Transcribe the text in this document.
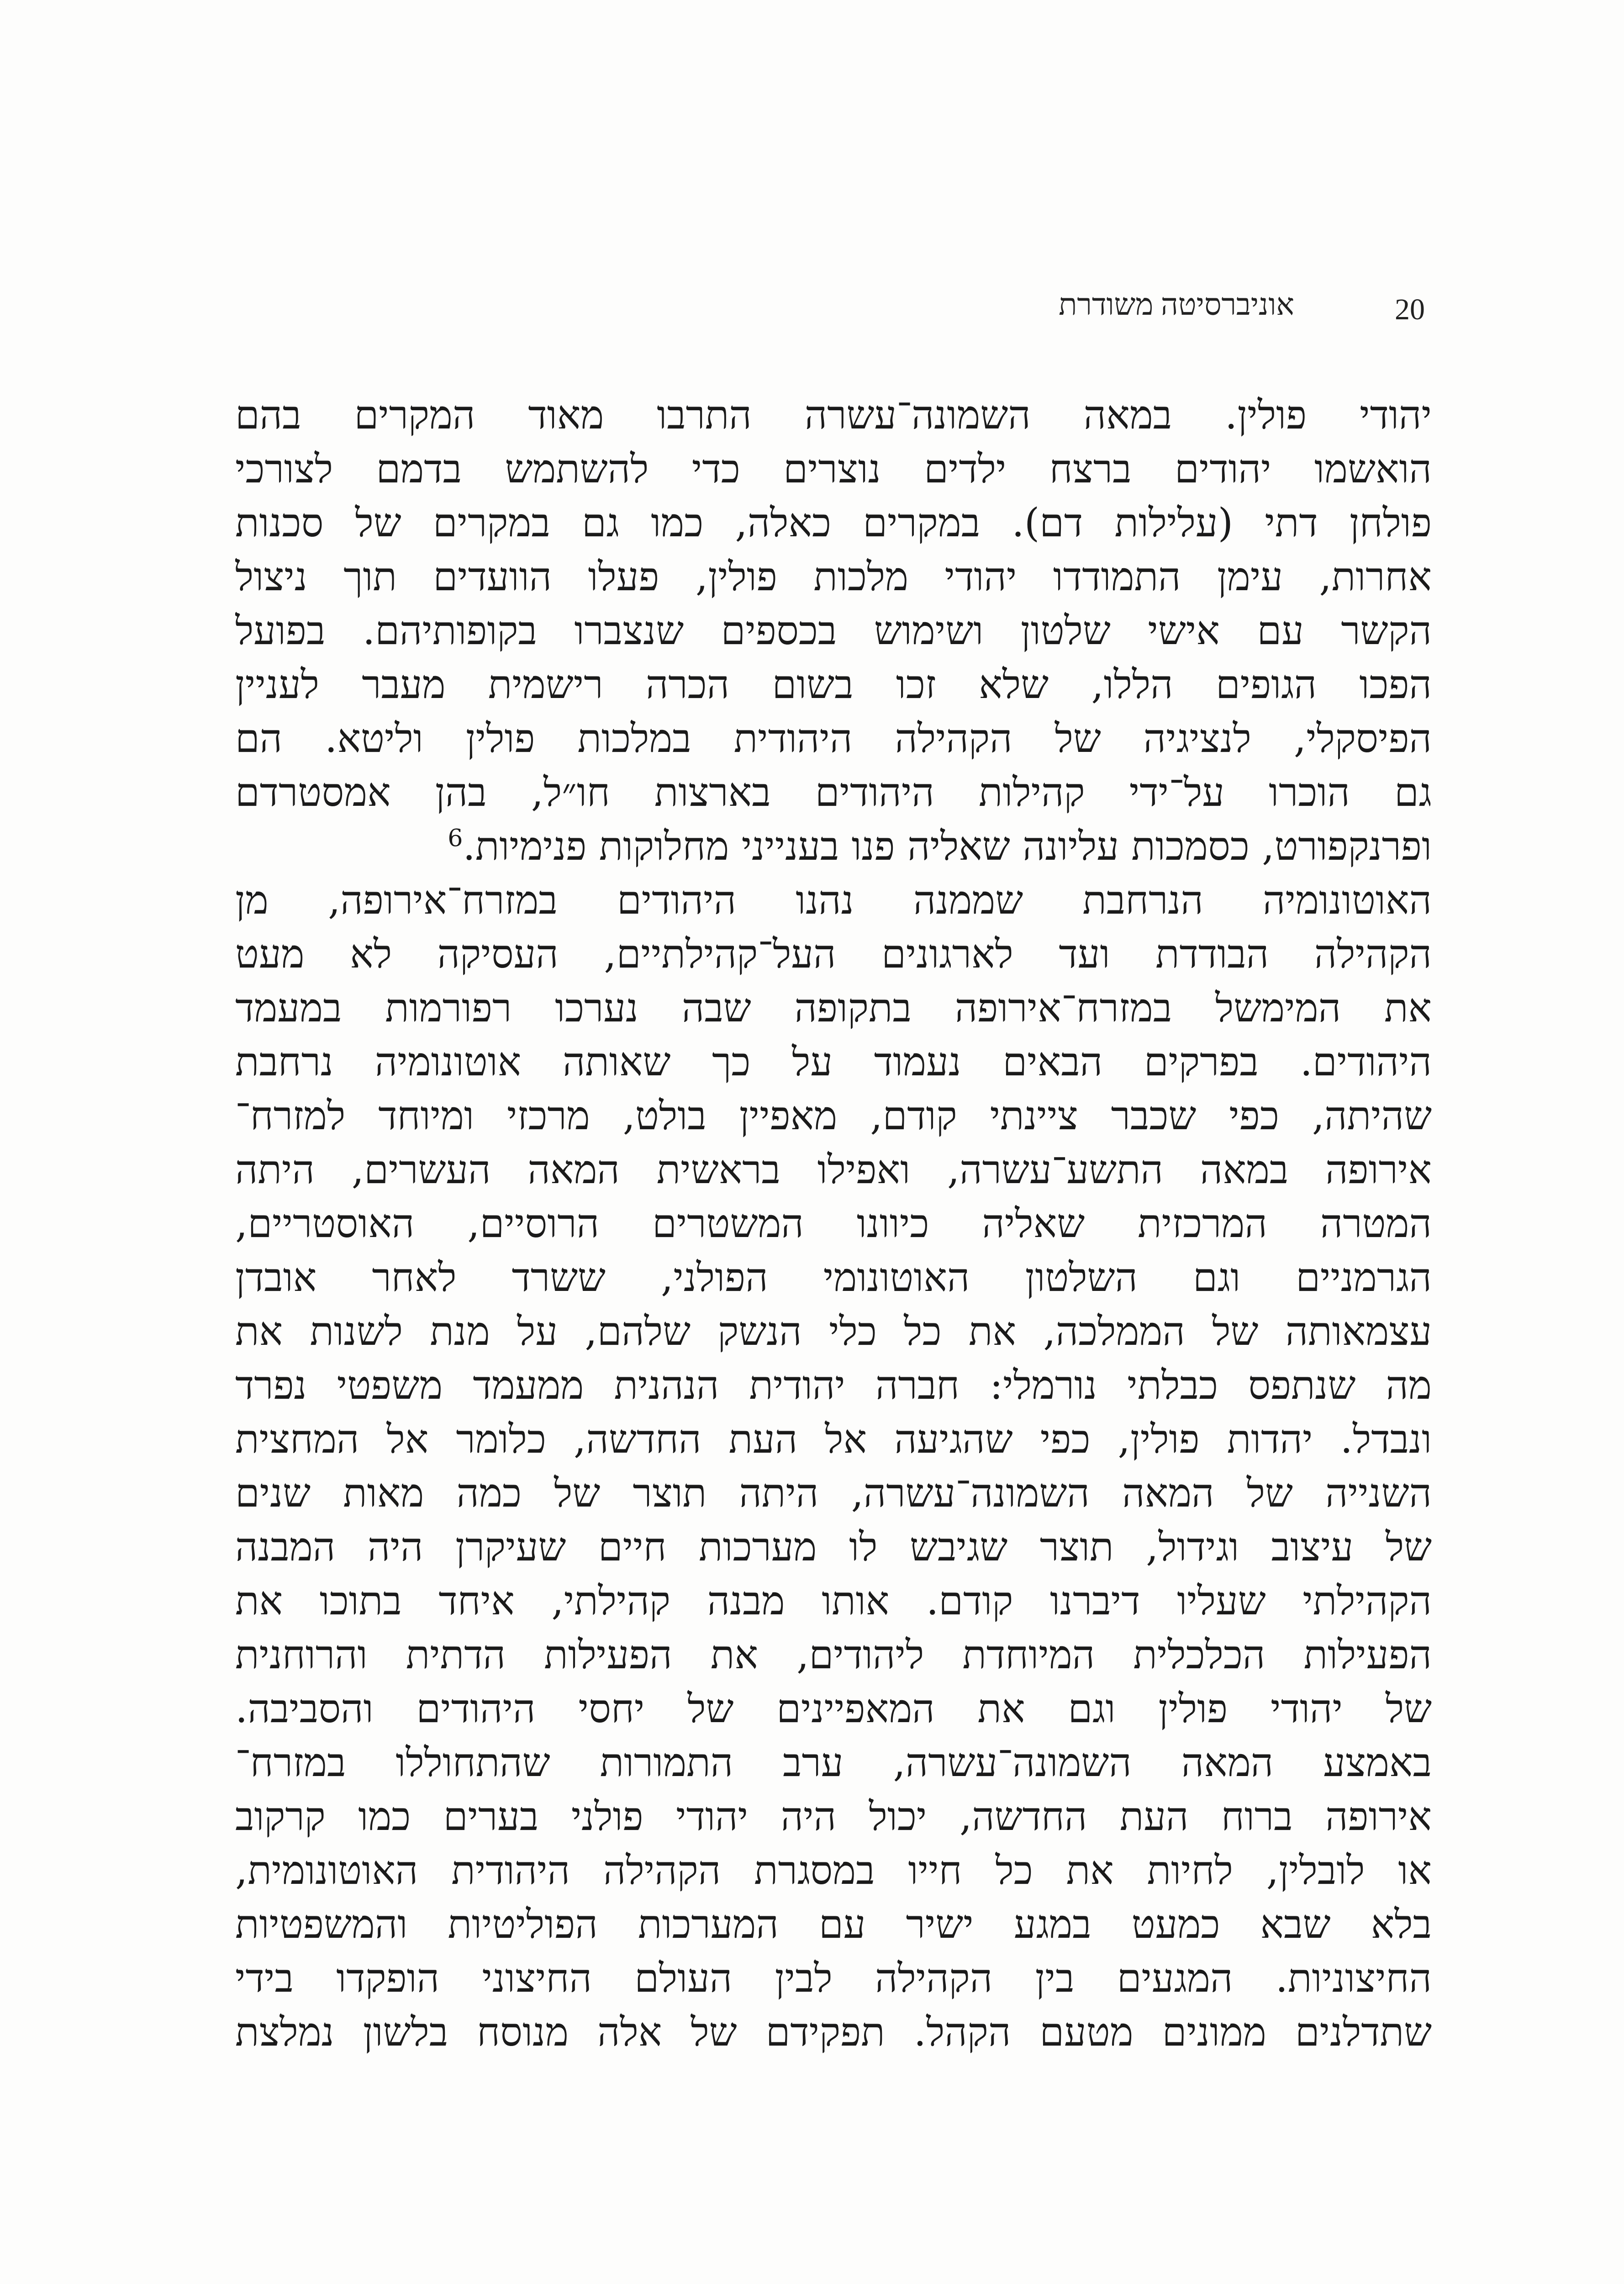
20
אוניברסיטה משודרת
יהודי פולין. במאה השמונה־עשרה התרבו מאוד המקרים בהם
הואשמו יהודים ברצח ילדים נוצרים כדי להשתמש בדמם לצורכי
פולחן דתי (עלילות דם). במקרים כאלה, כמו גם במקרים של סכנות
אחרות, עימן התמודדו יהודי מלכות פולין, פעלו הוועדים תוך ניצול
הקשר עם אישי שלטון ושימוש בכספים שנצברו בקופותיהם. בפועל
הפכו הגופים הללו, שלא זכו בשום הכרה רישמית מעבר לעניין
הפיסקלי, לנציגיה של הקהילה היהודית במלכות פולין וליטא. הם
גם הוכרו על־ידי קהילות היהודים בארצות חו״ל, בהן אמסטרדם
ופרנקפורט, כסמכות עליונה שאליה פנו בענייני מחלוקות פנימיות.$^6$
האוטונומיה הנרחבת שממנה נהנו היהודים במזרח־אירופה, מן
הקהילה הבודדת ועד לארגונים העל־קהילתיים, העסיקה לא מעט
את המימשל במזרח־אירופה בתקופה שבה נערכו רפורמות במעמד
היהודים. בפרקים הבאים נעמוד על כך שאותה אוטונומיה נרחבת
שהיתה, כפי שכבר ציינתי קודם, מאפיין בולט, מרכזי ומיוחד למזרח־
אירופה במאה התשע־עשרה, ואפילו בראשית המאה העשרים, היתה
המטרה המרכזית שאליה כיוונו המשטרים הרוסיים, האוסטריים,
הגרמניים וגם השלטון האוטונומי הפולני, ששרד לאחר אובדן
עצמאותה של הממלכה, את כל כלי הנשק שלהם, על מנת לשנות את
מה שנתפס כבלתי נורמלי: חברה יהודית הנהנית ממעמד משפטי נפרד
ונבדל. יהדות פולין, כפי שהגיעה אל העת החדשה, כלומר אל המחצית
השנייה של המאה השמונה־עשרה, היתה תוצר של כמה מאות שנים
של עיצוב וגידול, תוצר שגיבש לו מערכות חיים שעיקרן היה המבנה
הקהילתי שעליו דיברנו קודם. אותו מבנה קהילתי, איחד בתוכו את
הפעילות הכלכלית המיוחדת ליהודים, את הפעילות הדתית והרוחנית
של יהודי פולין וגם את המאפיינים של יחסי היהודים והסביבה.
באמצע המאה השמונה־עשרה, ערב התמורות שהתחוללו במזרח־
אירופה ברוח העת החדשה, יכול היה יהודי פולני בערים כמו קרקוב
או לובלין, לחיות את כל חייו במסגרת הקהילה היהודית האוטונומית,
בלא שבא כמעט במגע ישיר עם המערכות הפוליטיות והמשפטיות
החיצוניות. המגעים בין הקהילה לבין העולם החיצוני הופקדו בידי
שתדלנים ממונים מטעם הקהל. תפקידם של אלה מנוסח בלשון נמלצת
